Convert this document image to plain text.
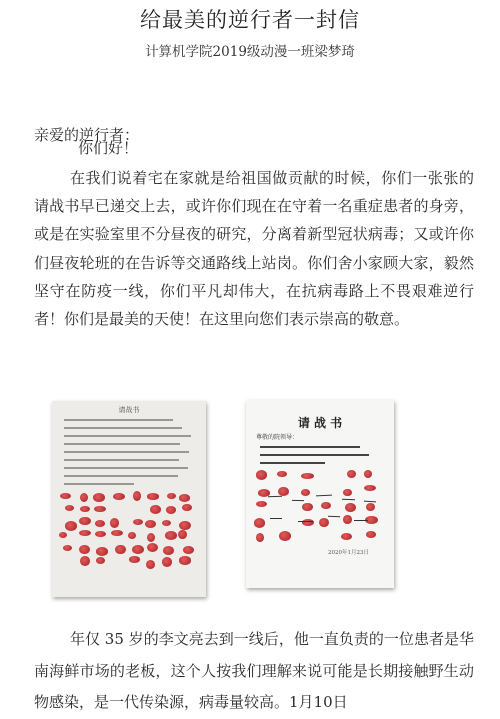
给最美的逆行者一封信
计算机学院2019级动漫一班梁梦琦
亲爱的逆行者：
你们好！
在我们说着宅在家就是给祖国做贡献的时候，你们一张张的请战书早已递交上去，或许你们现在在守着一名重症患者的身旁，或是在实验室里不分昼夜的研究，分离着新型冠状病毒；又或许你们昼夜轮班的在告诉等交通路线上站岗。你们舍小家顾大家，毅然坚守在防疫一线，你们平凡却伟大，在抗病毒路上不畏艰难逆行者！你们是最美的天使！在这里向您们表示崇高的敬意。
请战书
请 战 书
尊敬的院领导：
2020年1月23日
年仅 35 岁的李文亮去到一线后，他一直负责的一位患者是华南海鲜市场的老板，这个人按我们理解来说可能是长期接触野生动物感染，是一代传染源，病毒量较高。1月10日
